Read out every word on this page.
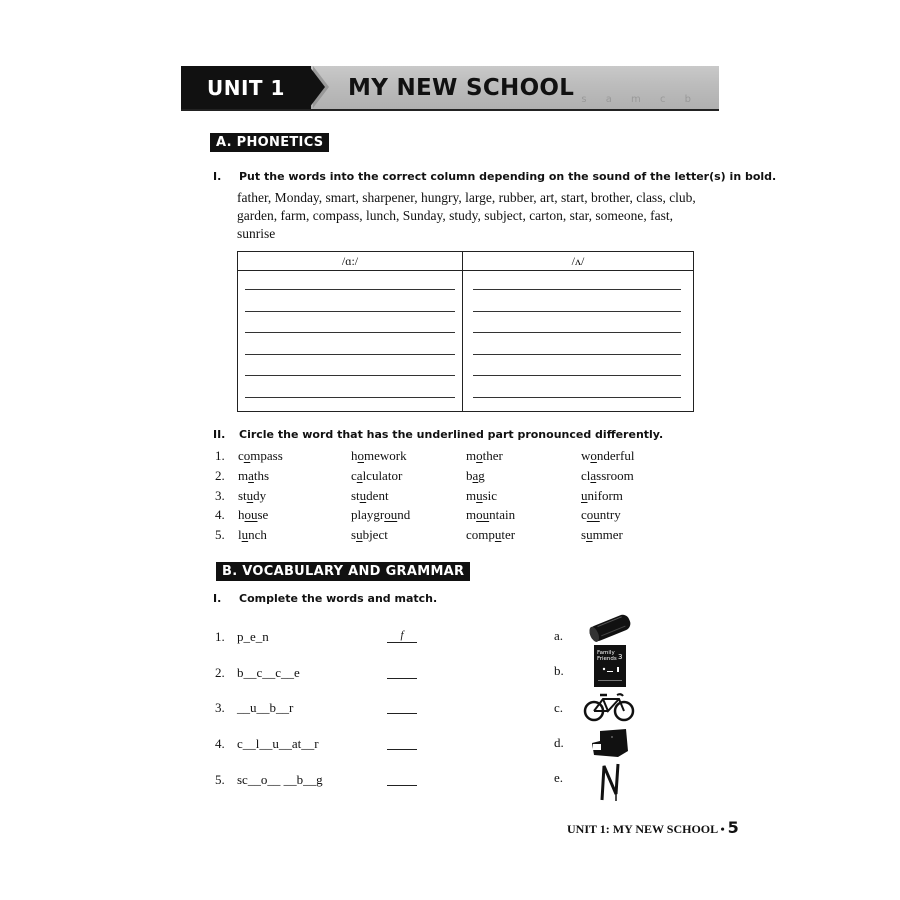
UNIT 1	MY NEW SCHOOL s a m c b
A. PHONETICS
I. Put the words into the correct column depending on the sound of the letter(s) in bold.
father, Monday, smart, sharpener, hungry, large, rubber, art, start, brother, class, club, garden, farm, compass, lunch, Sunday, study, subject, carton, star, someone, fast, sunrise
/ɑ:/	/ʌ/
II. Circle the word that has the underlined part pronounced differently.
1. compass	homework	mother	wonderful
2. maths	calculator	bag	classroom
3. study	student	music	uniform
4. house	playground	mountain	country
5. lunch	subject	computer	summer
B. VOCABULARY AND GRAMMAR
I. Complete the words and match.
1. p_e_n	f
2. b__c__c__e
3. __u__b__r
4. c__l__u__at__r
5. sc__o__ __b__g
a.
b.
c.
d.
e.
Family
Friends 3
UNIT 1: MY NEW SCHOOL • 5
